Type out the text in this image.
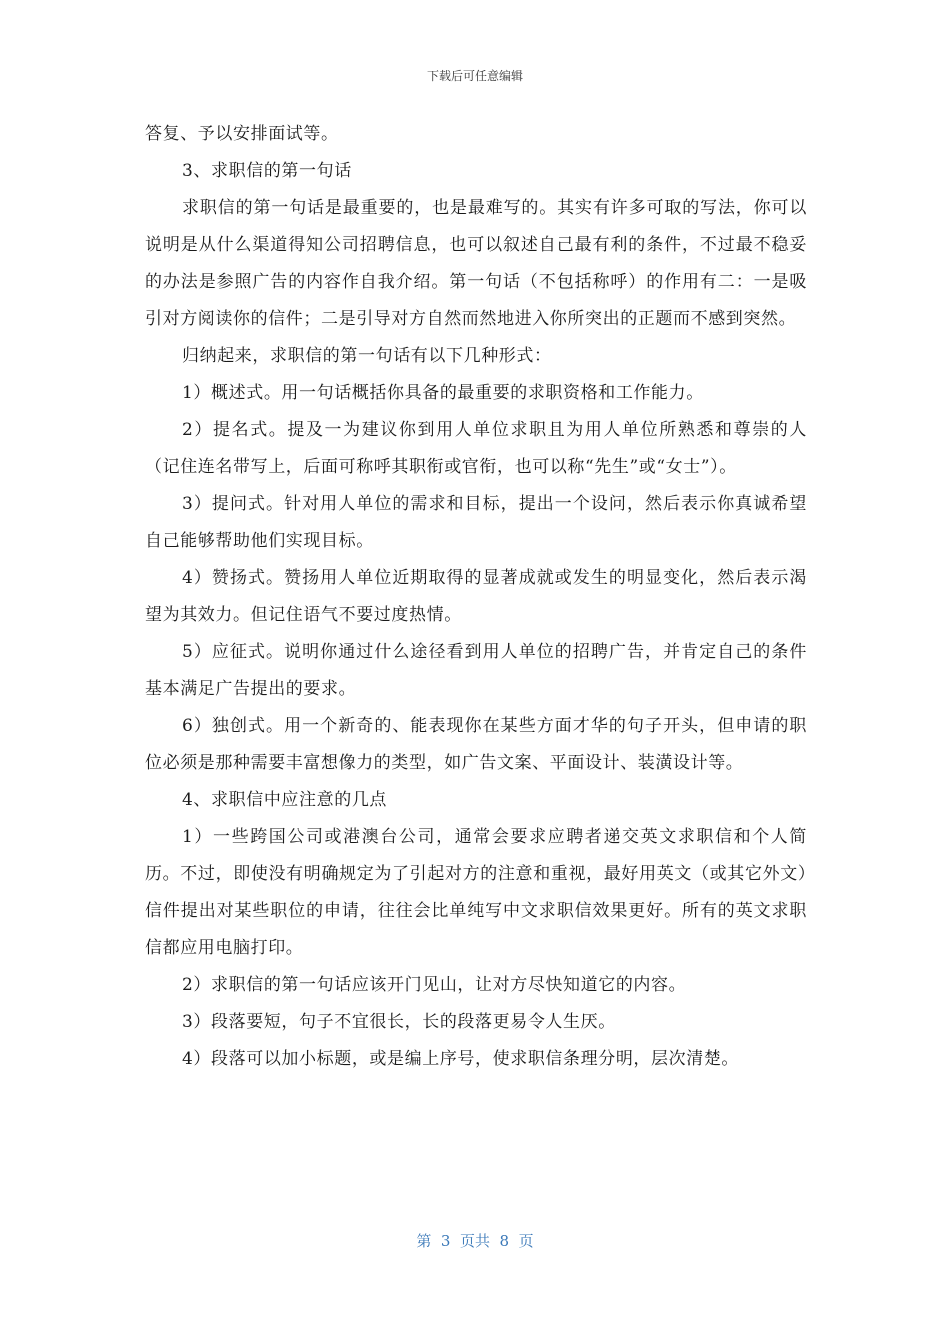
下载后可任意编辑

答复、予以安排面试等。

3、求职信的第一句话

求职信的第一句话是最重要的，也是最难写的。其实有许多可取的写法，你可以说明是从什么渠道得知公司招聘信息，也可以叙述自己最有利的条件，不过最不稳妥的办法是参照广告的内容作自我介绍。第一句话（不包括称呼）的作用有二：一是吸引对方阅读你的信件；二是引导对方自然而然地进入你所突出的正题而不感到突然。

归纳起来，求职信的第一句话有以下几种形式：

1）概述式。用一句话概括你具备的最重要的求职资格和工作能力。

2）提名式。提及一为建议你到用人单位求职且为用人单位所熟悉和尊崇的人（记住连名带写上，后面可称呼其职衔或官衔，也可以称“先生”或“女士”）。

3）提问式。针对用人单位的需求和目标，提出一个设问，然后表示你真诚希望自己能够帮助他们实现目标。

4）赞扬式。赞扬用人单位近期取得的显著成就或发生的明显变化，然后表示渴望为其效力。但记住语气不要过度热情。

5）应征式。说明你通过什么途径看到用人单位的招聘广告，并肯定自己的条件基本满足广告提出的要求。

6）独创式。用一个新奇的、能表现你在某些方面才华的句子开头，但申请的职位必须是那种需要丰富想像力的类型，如广告文案、平面设计、装潢设计等。

4、求职信中应注意的几点

1）一些跨国公司或港澳台公司，通常会要求应聘者递交英文求职信和个人简历。不过，即使没有明确规定为了引起对方的注意和重视，最好用英文（或其它外文）信件提出对某些职位的申请，往往会比单纯写中文求职信效果更好。所有的英文求职信都应用电脑打印。

2）求职信的第一句话应该开门见山，让对方尽快知道它的内容。

3）段落要短，句子不宜很长，长的段落更易令人生厌。

4）段落可以加小标题，或是编上序号，使求职信条理分明，层次清楚。

第  3  页共  8  页
